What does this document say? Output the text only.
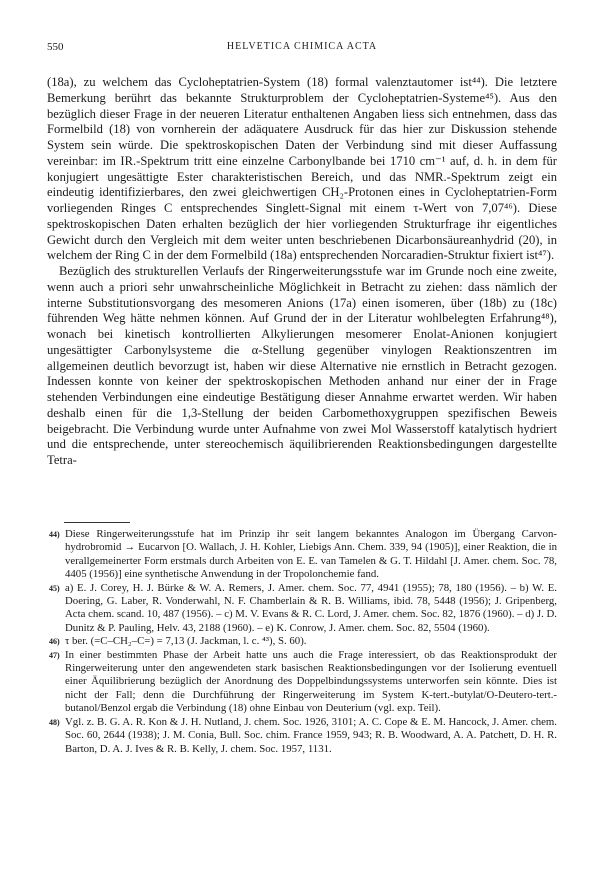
550	HELVETICA CHIMICA ACTA

(18a), zu welchem das Cycloheptatrien-System (18) formal valenztautomer ist⁴⁴). Die letztere Bemerkung berührt das bekannte Strukturproblem der Cycloheptatrien-Systeme⁴⁵). Aus den bezüglich dieser Frage in der neueren Literatur enthaltenen Angaben liess sich entnehmen, dass das Formelbild (18) von vornherein der adäquatere Ausdruck für das hier zur Diskussion stehende System sein würde. Die spektroskopischen Daten der Verbindung sind mit dieser Auffassung vereinbar: im IR.-Spektrum tritt eine einzelne Carbonylbande bei 1710 cm⁻¹ auf, d. h. in dem für konjugiert ungesättigte Ester charakteristischen Bereich, und das NMR.-Spektrum zeigt ein eindeutig identifizierbares, den zwei gleichwertigen CH₂-Protonen eines in Cycloheptatrien-Form vorliegenden Ringes C entsprechendes Singlett-Signal mit einem τ-Wert von 7,07⁴⁶). Diese spektroskopischen Daten erhalten bezüglich der hier vorliegenden Strukturfrage ihr eigentliches Gewicht durch den Vergleich mit dem weiter unten beschriebenen Dicarbonsäureanhydrid (20), in welchem der Ring C in der dem Formelbild (18a) entsprechenden Norcaradien-Struktur fixiert ist⁴⁷).

Bezüglich des strukturellen Verlaufs der Ringerweiterungsstufe war im Grunde noch eine zweite, wenn auch a priori sehr unwahrscheinliche Möglichkeit in Betracht zu ziehen: dass nämlich der interne Substitutionsvorgang des mesomeren Anions (17a) einen isomeren, über (18b) zu (18c) führenden Weg hätte nehmen können. Auf Grund der in der Literatur wohlbelegten Erfahrung⁴⁸), wonach bei kinetisch kontrollierten Alkylierungen mesomerer Enolat-Anionen konjugiert ungesättigter Carbonylsysteme die α-Stellung gegenüber vinylogen Reaktionszentren im allgemeinen deutlich bevorzugt ist, haben wir diese Alternative nie ernstlich in Betracht gezogen. Indessen konnte von keiner der spektroskopischen Methoden anhand nur einer der in Frage stehenden Verbindungen eine eindeutige Bestätigung dieser Annahme erwartet werden. Wir haben deshalb einen für die 1,3-Stellung der beiden Carbomethoxygruppen spezifischen Beweis beigebracht. Die Verbindung wurde unter Aufnahme von zwei Mol Wasserstoff katalytisch hydriert und die entsprechende, unter stereochemisch äquilibrierenden Reaktionsbedingungen dargestellte Tetra-

44) Diese Ringerweiterungsstufe hat im Prinzip ihr seit langem bekanntes Analogon im Übergang Carvon-hydrobromid → Eucarvon [O. Wallach, J. H. Kohler, Liebigs Ann. Chem. 339, 94 (1905)], einer Reaktion, die in verallgemeinerter Form erstmals durch Arbeiten von E. E. van Tamelen & G. T. Hildahl [J. Amer. chem. Soc. 78, 4405 (1956)] eine synthetische Anwendung in der Tropolonchemie fand.

45) a) E. J. Corey, H. J. Bürke & W. A. Remers, J. Amer. chem. Soc. 77, 4941 (1955); 78, 180 (1956). – b) W. E. Doering, G. Laber, R. Vonderwahl, N. F. Chamberlain & R. B. Williams, ibid. 78, 5448 (1956); J. Gripenberg, Acta chem. scand. 10, 487 (1956). – c) M. V. Evans & R. C. Lord, J. Amer. chem. Soc. 82, 1876 (1960). – d) J. D. Dunitz & P. Pauling, Helv. 43, 2188 (1960). – e) K. Conrow, J. Amer. chem. Soc. 82, 5504 (1960).

46) τ ber. (=C–CH₂–C=) = 7,13 (J. Jackman, l. c. ⁴³), S. 60).

47) In einer bestimmten Phase der Arbeit hatte uns auch die Frage interessiert, ob das Reaktionsprodukt der Ringerweiterung unter den angewendeten stark basischen Reaktionsbedingungen vor der Isolierung eventuell einer Äquilibrierung bezüglich der Anordnung des Doppelbindungssystems unterworfen sein könnte. Dies ist nicht der Fall; denn die Durchführung der Ringerweiterung im System K-tert.-butylat/O-Deutero-tert.-butanol/Benzol ergab die Verbindung (18) ohne Einbau von Deuterium (vgl. exp. Teil).

48) Vgl. z. B. G. A. R. Kon & J. H. Nutland, J. chem. Soc. 1926, 3101; A. C. Cope & E. M. Hancock, J. Amer. chem. Soc. 60, 2644 (1938); J. M. Conia, Bull. Soc. chim. France 1959, 943; R. B. Woodward, A. A. Patchett, D. H. R. Barton, D. A. J. Ives & R. B. Kelly, J. chem. Soc. 1957, 1131.
